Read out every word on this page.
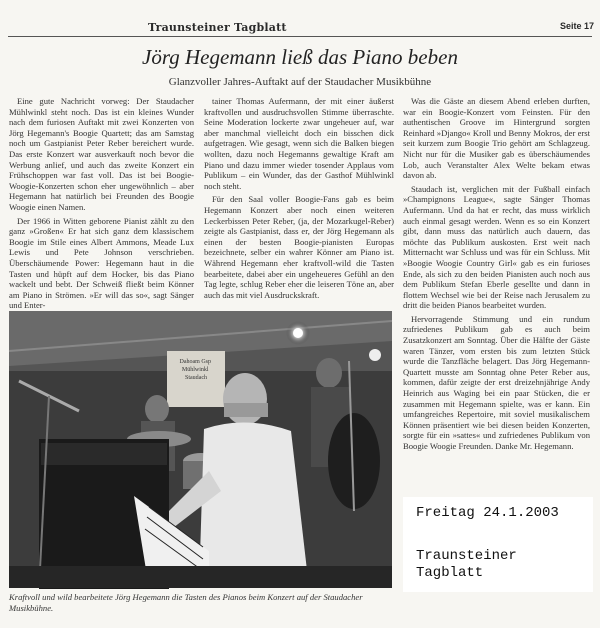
Traunsteiner Tagblatt	Seite 17
Jörg Hegemann ließ das Piano beben
Glanzvoller Jahres-Auftakt auf der Staudacher Musikbühne

Eine gute Nachricht vorweg: Der Staudacher Mühlwinkl steht noch. Das ist ein kleines Wunder nach dem furiosen Auftakt mit zwei Konzerten von Jörg Hegemann's Boogie Quartett; das am Samstag noch um Gastpianist Peter Reber bereichert wurde. Das erste Konzert war ausverkauft noch bevor die Werbung anlief, und auch das zweite Konzert ein Frühschoppen war fast voll. Das ist bei Boogie-Woogie-Konzerten schon eher ungewöhnlich – aber Hegemann hat natürlich bei Freunden des Boogie Woogie einen Namen.

Der 1966 in Witten geborene Pianist zählt zu den ganz »Großen« Er hat sich ganz dem klassischem Boogie im Stile eines Albert Ammons, Meade Lux Lewis und Pete Johnson verschrieben. Überschäumende Power: Hegemann haut in die Tasten und hüpft auf dem Hocker, bis das Piano wackelt und bebt. Der Schweiß fließt beim Könner am Piano in Strömen. »Er will das so«, sagt Sänger und Enter-

tainer Thomas Aufermann, der mit einer äußerst kraftvollen und ausdruchsvollen Stimme überraschte. Seine Moderation lockerte zwar ungeheuer auf, war aber manchmal vielleicht doch ein bisschen dick aufgetragen. Wie gesagt, wenn sich die Balken biegen wollten, dazu noch Hegemanns gewaltige Kraft am Piano und dazu immer wieder tosender Applaus vom Publikum – ein Wunder, das der Gasthof Mühlwinkl noch steht.

Für den Saal voller Boogie-Fans gab es beim Hegemann Konzert aber noch einen weiteren Leckerbissen Peter Reber, (ja, der Mozarkugel-Reber) zeigte als Gastpianist, dass er, der Jörg Hegemann als einen der besten Boogie-pianisten Europas bezeichnete, selber ein wahrer Könner am Piano ist. Während Hegemann eher kraftvoll-wild die Tasten bearbeitete, dabei aber ein ungeheueres Gefühl an den Tag legte, schlug Reber eher die leiseren Töne an, aber auch das mit viel Ausdruckskraft.

Was die Gäste an diesem Abend erleben durften, war ein Boogie-Konzert vom Feinsten. Für den authentischen Groove im Hintergrund sorgten Reinhard »Django« Kroll und Benny Mokros, der erst seit kurzem zum Boogie Trio gehört am Schlagzeug. Nicht nur für die Musiker gab es überschäumendes Lob, auch Veranstalter Alex Welte bekam etwas davon ab.

Staudach ist, verglichen mit der Fußball einfach »Champignons League«, sagte Sänger Thomas Aufermann. Und da hat er recht, das muss wirklich auch einmal gesagt werden. Wenn es so ein Konzert gibt, dann muss das natürlich auch dauern, das möchte das Publikum auskosten. Erst weit nach Mitternacht war Schluss und was für ein Schluss. Mit »Boogie Woogie Country Girl« gab es ein furioses Ende, als sich zu den beiden Pianisten auch noch aus dem Publikum Stefan Eberle gesellte und dann in flottem Wechsel wie bei der Reise nach Jerusalem zu dritt die beiden Pianos bearbeitet wurden.

Hervorragende Stimmung und ein rundum zufriedenes Publikum gab es auch beim Zusatzkonzert am Sonntag. Über die Hälfte der Gäste waren Tänzer, vom ersten bis zum letzten Stück wurde die Tanzfläche belagert. Das Jörg Hegemann-Quartett musste am Sonntag ohne Peter Reber aus, kommen, dafür zeigte der erst dreizehnjährige Andy Heinrich aus Waging bei ein paar Stücken, die er zusammen mit Hegemann spielte, was er kann. Ein umfangreiches Repertoire, mit soviel musikalischem Können präsentiert wie bei diesen beiden Konzerten, sorgte für ein »sattes« und zufriedenes Publikum von Boogie Woogie Freunden. Danke Mr. Hegemann.

Dahoam Gsp Mühlwinkl Staudach
Kraftvoll und wild bearbeitete Jörg Hegemann die Tasten des Pianos beim Konzert auf der Staudacher Musikbühne.
Freitag 24.1.2003
Traunsteiner
Tagblatt
